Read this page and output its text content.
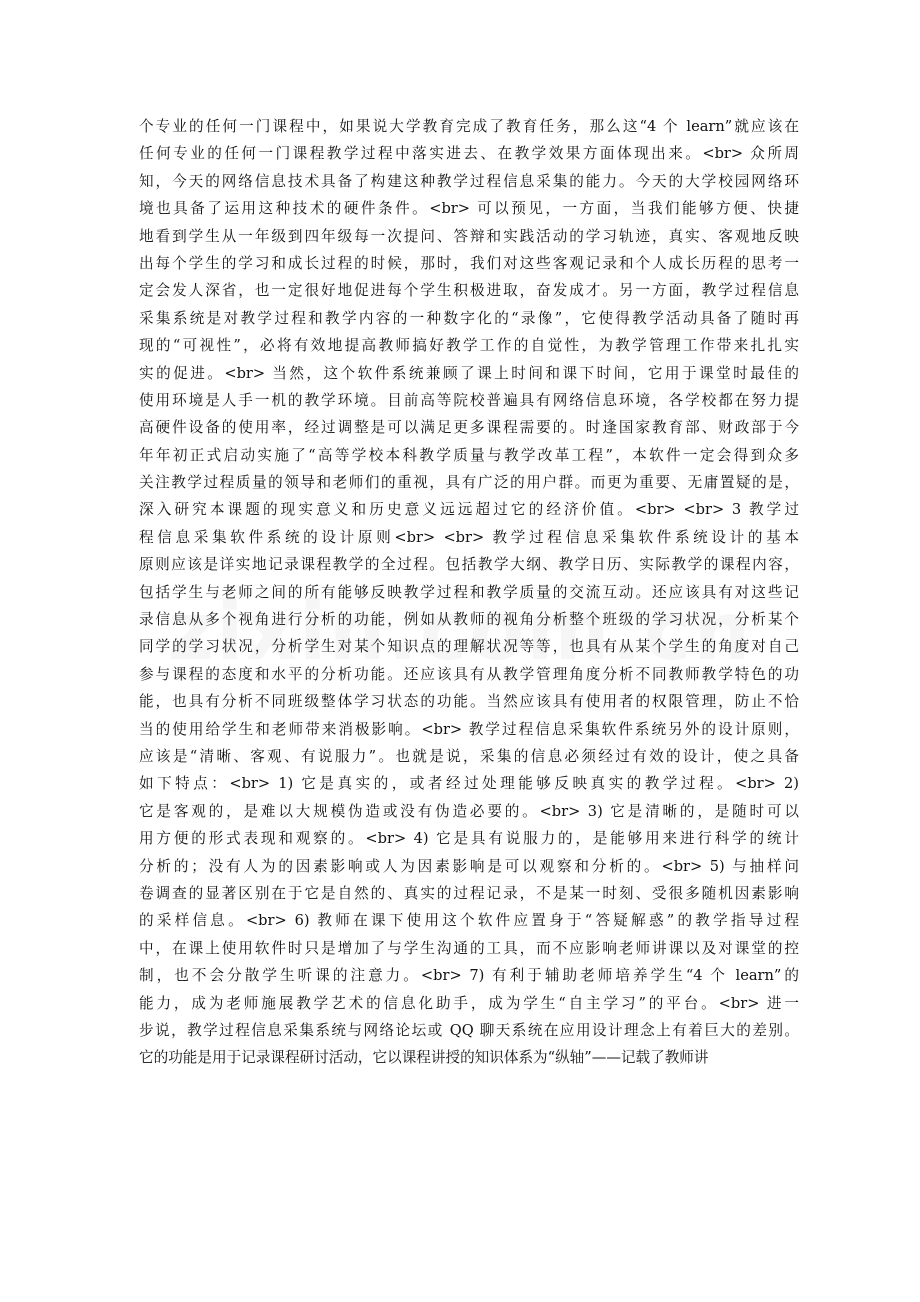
个专业的任何一门课程中，如果说大学教育完成了教育任务，那么这“4 个 learn”就应该在
任何专业的任何一门课程教学过程中落实进去、在教学效果方面体现出来。<br> 众所周
知，今天的网络信息技术具备了构建这种教学过程信息采集的能力。今天的大学校园网络环
境也具备了运用这种技术的硬件条件。<br> 可以预见，一方面，当我们能够方便、快捷
地看到学生从一年级到四年级每一次提问、答辩和实践活动的学习轨迹，真实、客观地反映
出每个学生的学习和成长过程的时候，那时，我们对这些客观记录和个人成长历程的思考一
定会发人深省，也一定很好地促进每个学生积极进取，奋发成才。另一方面，教学过程信息
采集系统是对教学过程和教学内容的一种数字化的“录像”，它使得教学活动具备了随时再
现的“可视性”，必将有效地提高教师搞好教学工作的自觉性，为教学管理工作带来扎扎实
实的促进。<br> 当然，这个软件系统兼顾了课上时间和课下时间，它用于课堂时最佳的
使用环境是人手一机的教学环境。目前高等院校普遍具有网络信息环境，各学校都在努力提
高硬件设备的使用率，经过调整是可以满足更多课程需要的。时逢国家教育部、财政部于今
年年初正式启动实施了“高等学校本科教学质量与教学改革工程”，本软件一定会得到众多
关注教学过程质量的领导和老师们的重视，具有广泛的用户群。而更为重要、无庸置疑的是，
深入研究本课题的现实意义和历史意义远远超过它的经济价值。<br> <br> 3 教学过
程信息采集软件系统的设计原则<br> <br> 教学过程信息采集软件系统设计的基本
原则应该是详实地记录课程教学的全过程。包括教学大纲、教学日历、实际教学的课程内容，
包括学生与老师之间的所有能够反映教学过程和教学质量的交流互动。还应该具有对这些记
录信息从多个视角进行分析的功能，例如从教师的视角分析整个班级的学习状况，分析某个
同学的学习状况，分析学生对某个知识点的理解状况等等，也具有从某个学生的角度对自己
参与课程的态度和水平的分析功能。还应该具有从教学管理角度分析不同教师教学特色的功
能，也具有分析不同班级整体学习状态的功能。当然应该具有使用者的权限管理，防止不恰
当的使用给学生和老师带来消极影响。<br> 教学过程信息采集软件系统另外的设计原则，
应该是“清晰、客观、有说服力”。也就是说，采集的信息必须经过有效的设计，使之具备
如下特点：<br> 1) 它是真实的，或者经过处理能够反映真实的教学过程。<br> 2)
它是客观的，是难以大规模伪造或没有伪造必要的。<br> 3) 它是清晰的，是随时可以
用方便的形式表现和观察的。<br> 4) 它是具有说服力的，是能够用来进行科学的统计
分析的；没有人为的因素影响或人为因素影响是可以观察和分析的。<br> 5) 与抽样问
卷调查的显著区别在于它是自然的、真实的过程记录，不是某一时刻、受很多随机因素影响
的采样信息。<br> 6) 教师在课下使用这个软件应置身于“答疑解惑”的教学指导过程
中，在课上使用软件时只是增加了与学生沟通的工具，而不应影响老师讲课以及对课堂的控
制，也不会分散学生听课的注意力。<br> 7) 有利于辅助老师培养学生“4 个 learn”的
能力，成为老师施展教学艺术的信息化助手，成为学生“自主学习”的平台。<br> 进一
步说，教学过程信息采集系统与网络论坛或 QQ 聊天系统在应用设计理念上有着巨大的差别。
它的功能是用于记录课程研讨活动，它以课程讲授的知识体系为“纵轴”——记载了教师讲
